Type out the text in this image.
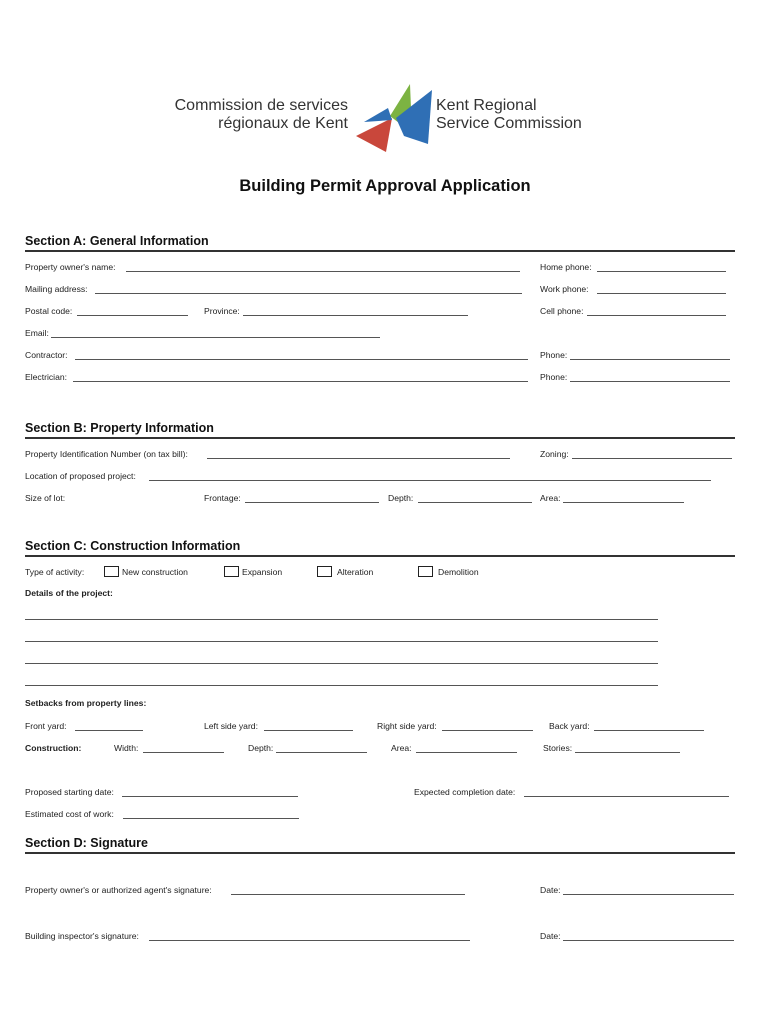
Commission de services
régionaux de Kent
Kent Regional
Service Commission
Building Permit Approval Application
Section A: General Information
Property owner's name:	Home phone:
Mailing address:	Work phone:
Postal code:	Province:	Cell phone:
Email:
Contractor:	Phone:
Electrician:	Phone:
Section B: Property Information
Property Identification Number (on tax bill):	Zoning:
Location of proposed project:
Size of lot:	Frontage:	Depth:	Area:
Section C: Construction Information
Type of activity:	New construction	Expansion	Alteration	Demolition
Details of the project:
Setbacks from property lines:
Front yard:	Left side yard:	Right side yard:	Back yard:
Construction:	Width:	Depth:	Area:	Stories:
Proposed starting date:	Expected completion date:
Estimated cost of work:
Section D: Signature
Property owner's or authorized agent's signature:	Date:
Building inspector's signature:	Date:
